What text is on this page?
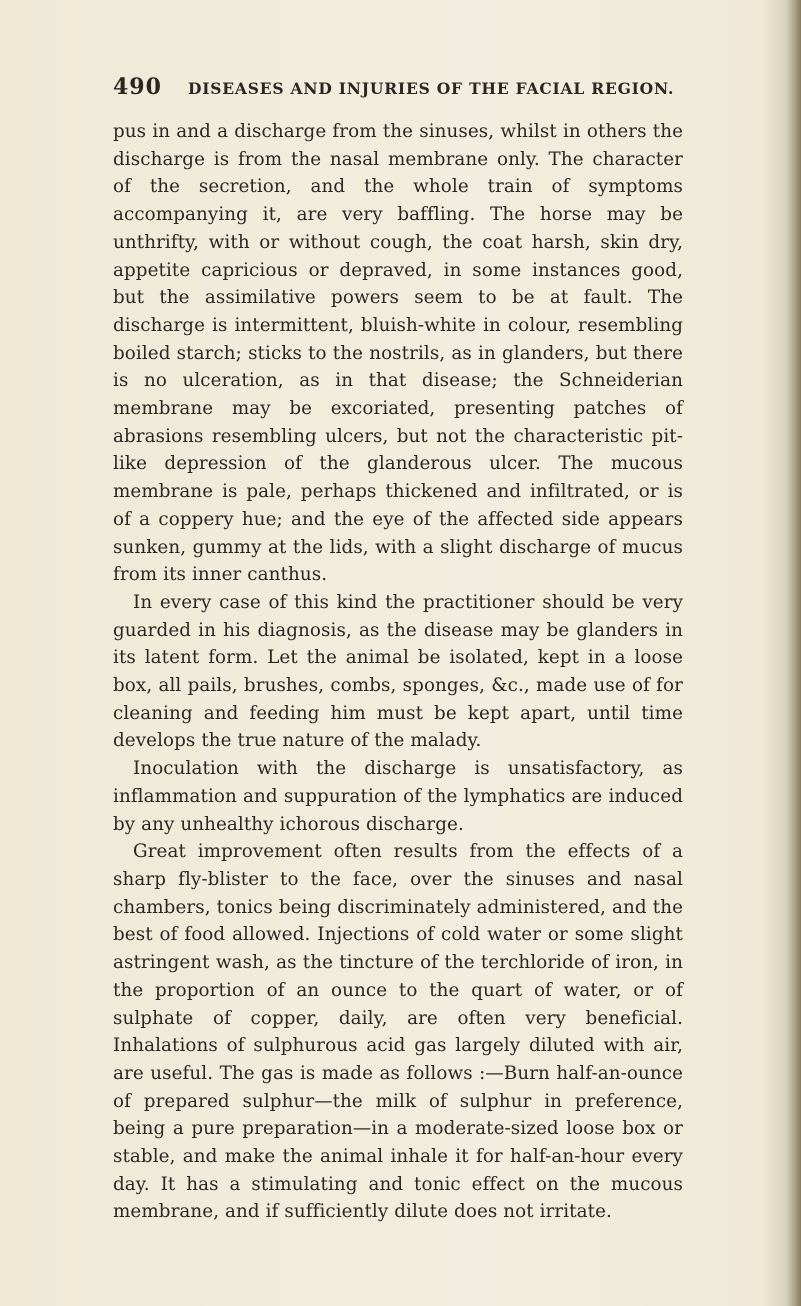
490 DISEASES AND INJURIES OF THE FACIAL REGION.

pus in and a discharge from the sinuses, whilst in others the discharge is from the nasal membrane only. The character of the secretion, and the whole train of symptoms accompanying it, are very baffling. The horse may be unthrifty, with or without cough, the coat harsh, skin dry, appetite capricious or depraved, in some instances good, but the assimilative powers seem to be at fault. The discharge is intermittent, bluish-white in colour, resembling boiled starch; sticks to the nostrils, as in glanders, but there is no ulceration, as in that disease; the Schneiderian membrane may be excoriated, presenting patches of abrasions resembling ulcers, but not the characteristic pit-like depression of the glanderous ulcer. The mucous membrane is pale, perhaps thickened and infiltrated, or is of a coppery hue; and the eye of the affected side appears sunken, gummy at the lids, with a slight discharge of mucus from its inner canthus.

In every case of this kind the practitioner should be very guarded in his diagnosis, as the disease may be glanders in its latent form. Let the animal be isolated, kept in a loose box, all pails, brushes, combs, sponges, &c., made use of for cleaning and feeding him must be kept apart, until time develops the true nature of the malady.

Inoculation with the discharge is unsatisfactory, as inflammation and suppuration of the lymphatics are induced by any unhealthy ichorous discharge.

Great improvement often results from the effects of a sharp fly-blister to the face, over the sinuses and nasal chambers, tonics being discriminately administered, and the best of food allowed. Injections of cold water or some slight astringent wash, as the tincture of the terchloride of iron, in the proportion of an ounce to the quart of water, or of sulphate of copper, daily, are often very beneficial. Inhalations of sulphurous acid gas largely diluted with air, are useful. The gas is made as follows :—Burn half-an-ounce of prepared sulphur—the milk of sulphur in preference, being a pure preparation—in a moderate-sized loose box or stable, and make the animal inhale it for half-an-hour every day. It has a stimulating and tonic effect on the mucous membrane, and if sufficiently dilute does not irritate.
